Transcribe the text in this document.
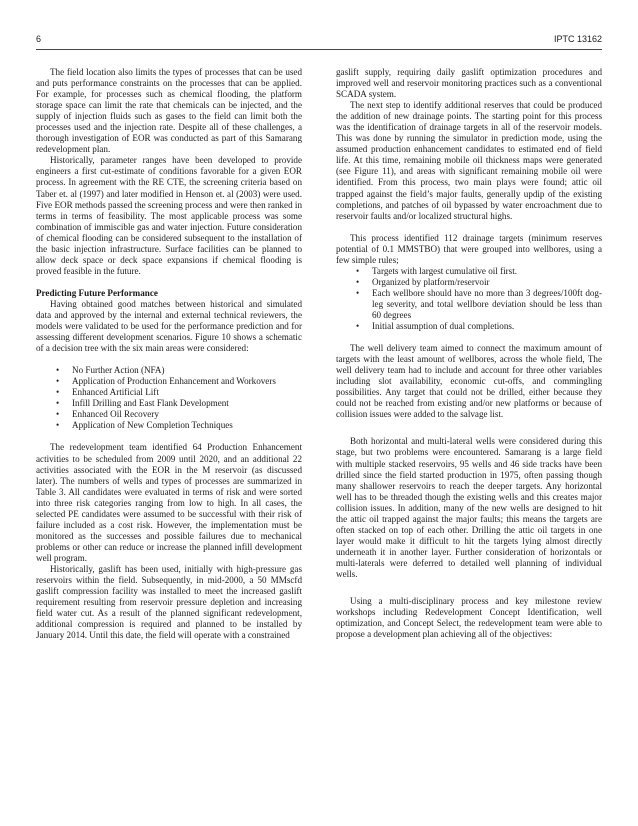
6	IPTC 13162

The field location also limits the types of processes that can be used and puts performance constraints on the processes that can be applied. For example, for processes such as chemical flooding, the platform storage space can limit the rate that chemicals can be injected, and the supply of injection fluids such as gases to the field can limit both the processes used and the injection rate. Despite all of these challenges, a thorough investigation of EOR was conducted as part of this Samarang redevelopment plan.

Historically, parameter ranges have been developed to provide engineers a first cut-estimate of conditions favorable for a given EOR process. In agreement with the RE CTE, the screening criteria based on Taber et. al (1997) and later modified in Henson et. al (2003) were used. Five EOR methods passed the screening process and were then ranked in terms in terms of feasibility. The most applicable process was some combination of immiscible gas and water injection. Future consideration of chemical flooding can be considered subsequent to the installation of the basic injection infrastructure. Surface facilities can be planned to allow deck space or deck space expansions if chemical flooding is proved feasible in the future.

Predicting Future Performance

Having obtained good matches between historical and simulated data and approved by the internal and external technical reviewers, the models were validated to be used for the performance prediction and for assessing different development scenarios. Figure 10 shows a schematic of a decision tree with the six main areas were considered:

• No Further Action (NFA)
• Application of Production Enhancement and Workovers
• Enhanced Artificial Lift
• Infill Drilling and East Flank Development
• Enhanced Oil Recovery
• Application of New Completion Techniques

The redevelopment team identified 64 Production Enhancement activities to be scheduled from 2009 until 2020, and an additional 22 activities associated with the EOR in the M reservoir (as discussed later). The numbers of wells and types of processes are summarized in Table 3. All candidates were evaluated in terms of risk and were sorted into three risk categories ranging from low to high. In all cases, the selected PE candidates were assumed to be successful with their risk of failure included as a cost risk. However, the implementation must be monitored as the successes and possible failures due to mechanical problems or other can reduce or increase the planned infill development well program.

Historically, gaslift has been used, initially with high-pressure gas reservoirs within the field. Subsequently, in mid-2000, a 50 MMscfd gaslift compression facility was installed to meet the increased gaslift requirement resulting from reservoir pressure depletion and increasing field water cut. As a result of the planned significant redevelopment, additional compression is required and planned to be installed by January 2014. Until this date, the field will operate with a constrained

gaslift supply, requiring daily gaslift optimization procedures and improved well and reservoir monitoring practices such as a conventional SCADA system.

The next step to identify additional reserves that could be produced the addition of new drainage points. The starting point for this process was the identification of drainage targets in all of the reservoir models. This was done by running the simulator in prediction mode, using the assumed production enhancement candidates to estimated end of field life. At this time, remaining mobile oil thickness maps were generated (see Figure 11), and areas with significant remaining mobile oil were identified. From this process, two main plays were found; attic oil trapped against the field’s major faults, generally updip of the existing completions, and patches of oil bypassed by water encroachment due to reservoir faults and/or localized structural highs.

This process identified 112 drainage targets (minimum reserves potential of 0.1 MMSTBO) that were grouped into wellbores, using a few simple rules;

• Targets with largest cumulative oil first.
• Organized by platform/reservoir
• Each wellbore should have no more than 3 degrees/100ft dog-leg severity, and total wellbore deviation should be less than 60 degrees
• Initial assumption of dual completions.

The well delivery team aimed to connect the maximum amount of targets with the least amount of wellbores, across the whole field, The well delivery team had to include and account for three other variables including slot availability, economic cut-offs, and commingling possibilities. Any target that could not be drilled, either because they could not be reached from existing and/or new platforms or because of collision issues were added to the salvage list.

Both horizontal and multi-lateral wells were considered during this stage, but two problems were encountered. Samarang is a large field with multiple stacked reservoirs, 95 wells and 46 side tracks have been drilled since the field started production in 1975, often passing though many shallower reservoirs to reach the deeper targets. Any horizontal well has to be threaded though the existing wells and this creates major collision issues. In addition, many of the new wells are designed to hit the attic oil trapped against the major faults; this means the targets are often stacked on top of each other. Drilling the attic oil targets in one layer would make it difficult to hit the targets lying almost directly underneath it in another layer. Further consideration of horizontals or multi-laterals were deferred to detailed well planning of individual wells.

Using a multi-disciplinary process and key milestone review workshops including Redevelopment Concept Identification, well optimization, and Concept Select, the redevelopment team were able to propose a development plan achieving all of the objectives:
